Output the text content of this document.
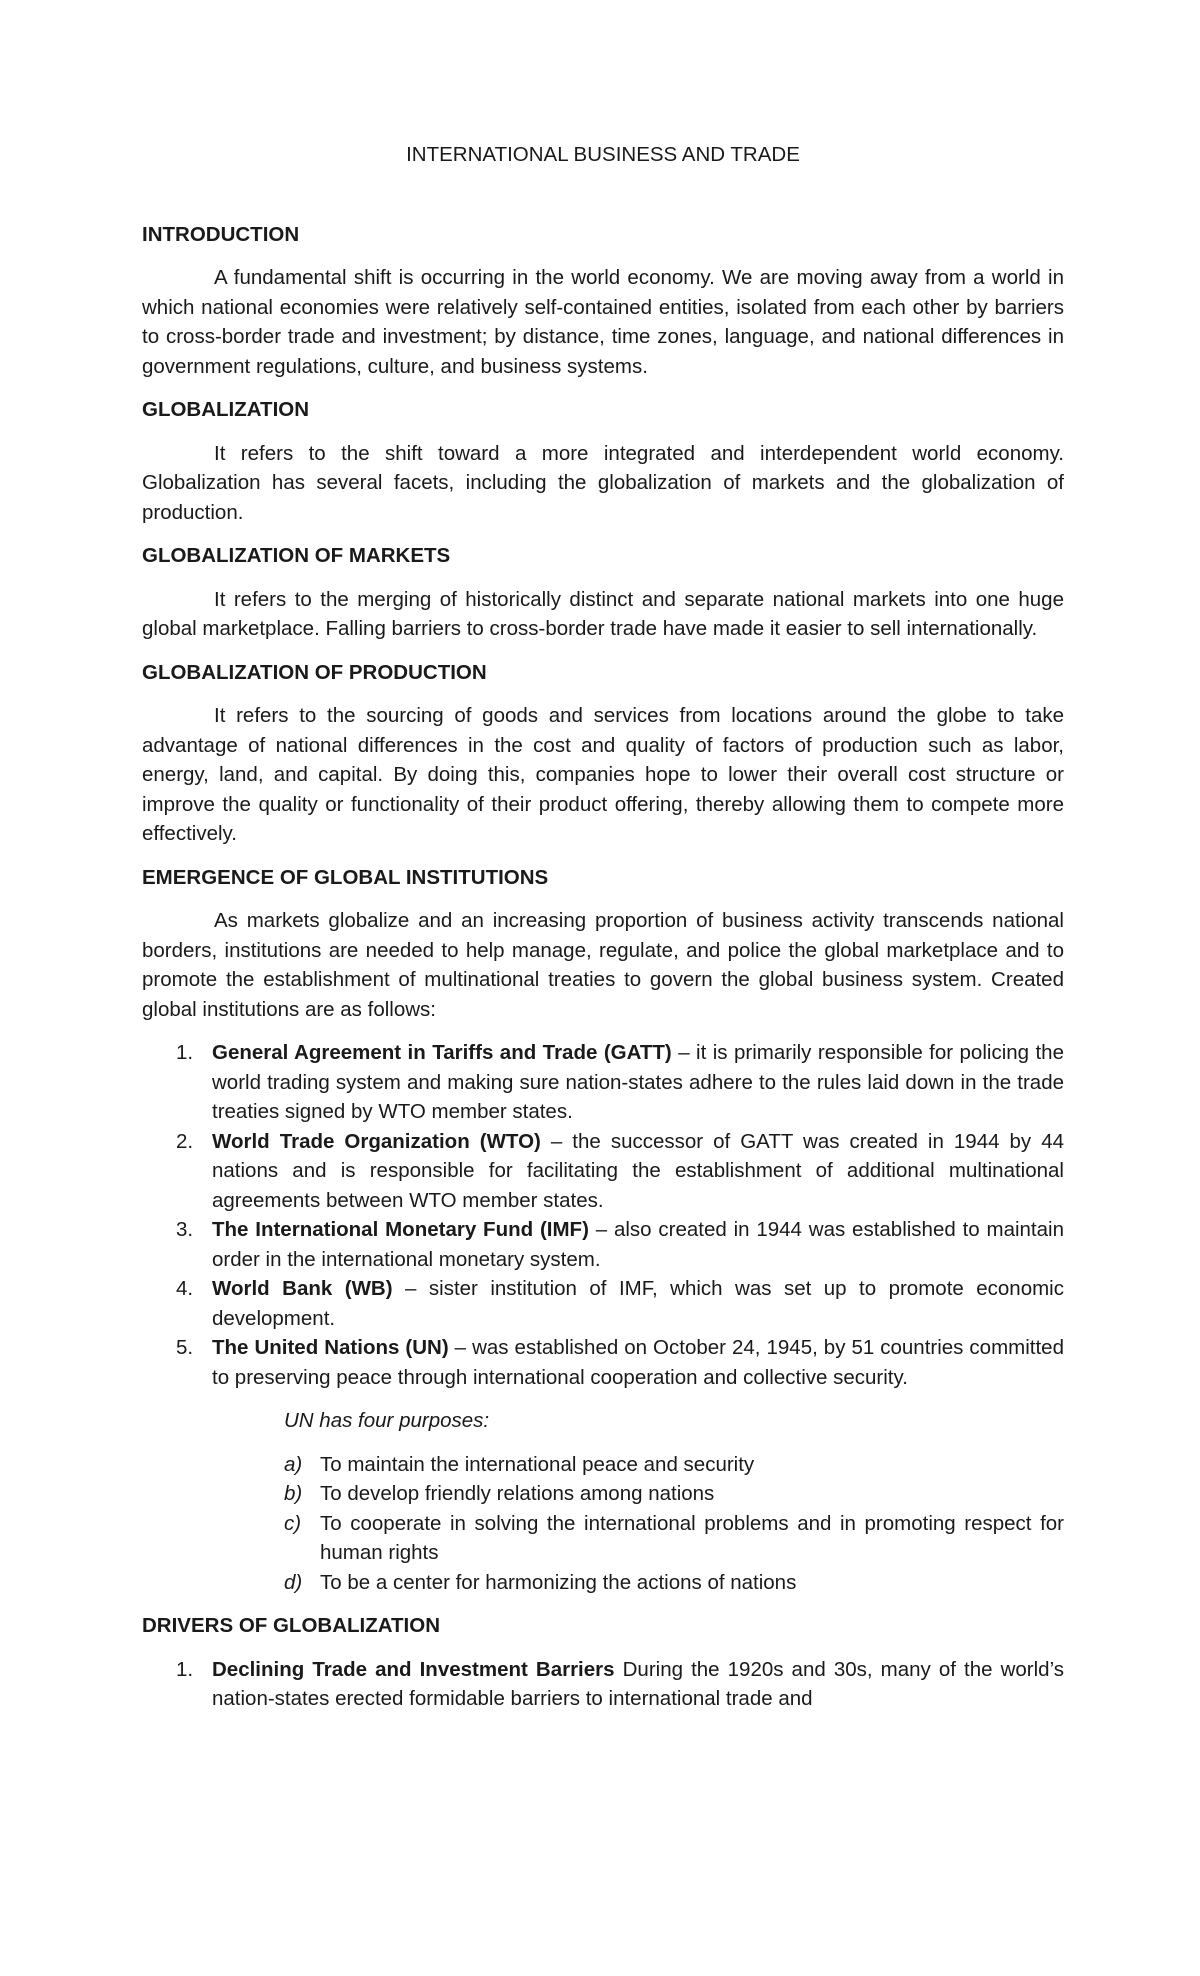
INTERNATIONAL BUSINESS AND TRADE
INTRODUCTION

A fundamental shift is occurring in the world economy. We are moving away from a world in which national economies were relatively self-contained entities, isolated from each other by barriers to cross-border trade and investment; by distance, time zones, language, and national differences in government regulations, culture, and business systems.

GLOBALIZATION

It refers to the shift toward a more integrated and interdependent world economy. Globalization has several facets, including the globalization of markets and the globalization of production.

GLOBALIZATION OF MARKETS

It refers to the merging of historically distinct and separate national markets into one huge global marketplace. Falling barriers to cross-border trade have made it easier to sell internationally.

GLOBALIZATION OF PRODUCTION

It refers to the sourcing of goods and services from locations around the globe to take advantage of national differences in the cost and quality of factors of production such as labor, energy, land, and capital. By doing this, companies hope to lower their overall cost structure or improve the quality or functionality of their product offering, thereby allowing them to compete more effectively.

EMERGENCE OF GLOBAL INSTITUTIONS

As markets globalize and an increasing proportion of business activity transcends national borders, institutions are needed to help manage, regulate, and police the global marketplace and to promote the establishment of multinational treaties to govern the global business system. Created global institutions are as follows:

1. General Agreement in Tariffs and Trade (GATT) – it is primarily responsible for policing the world trading system and making sure nation-states adhere to the rules laid down in the trade treaties signed by WTO member states.
2. World Trade Organization (WTO) – the successor of GATT was created in 1944 by 44 nations and is responsible for facilitating the establishment of additional multinational agreements between WTO member states.
3. The International Monetary Fund (IMF) – also created in 1944 was established to maintain order in the international monetary system.
4. World Bank (WB) – sister institution of IMF, which was set up to promote economic development.
5. The United Nations (UN) – was established on October 24, 1945, by 51 countries committed to preserving peace through international cooperation and collective security.
UN has four purposes:
a) To maintain the international peace and security
b) To develop friendly relations among nations
c) To cooperate in solving the international problems and in promoting respect for human rights
d) To be a center for harmonizing the actions of nations
DRIVERS OF GLOBALIZATION
1. Declining Trade and Investment Barriers During the 1920s and 30s, many of the world’s nation-states erected formidable barriers to international trade and
